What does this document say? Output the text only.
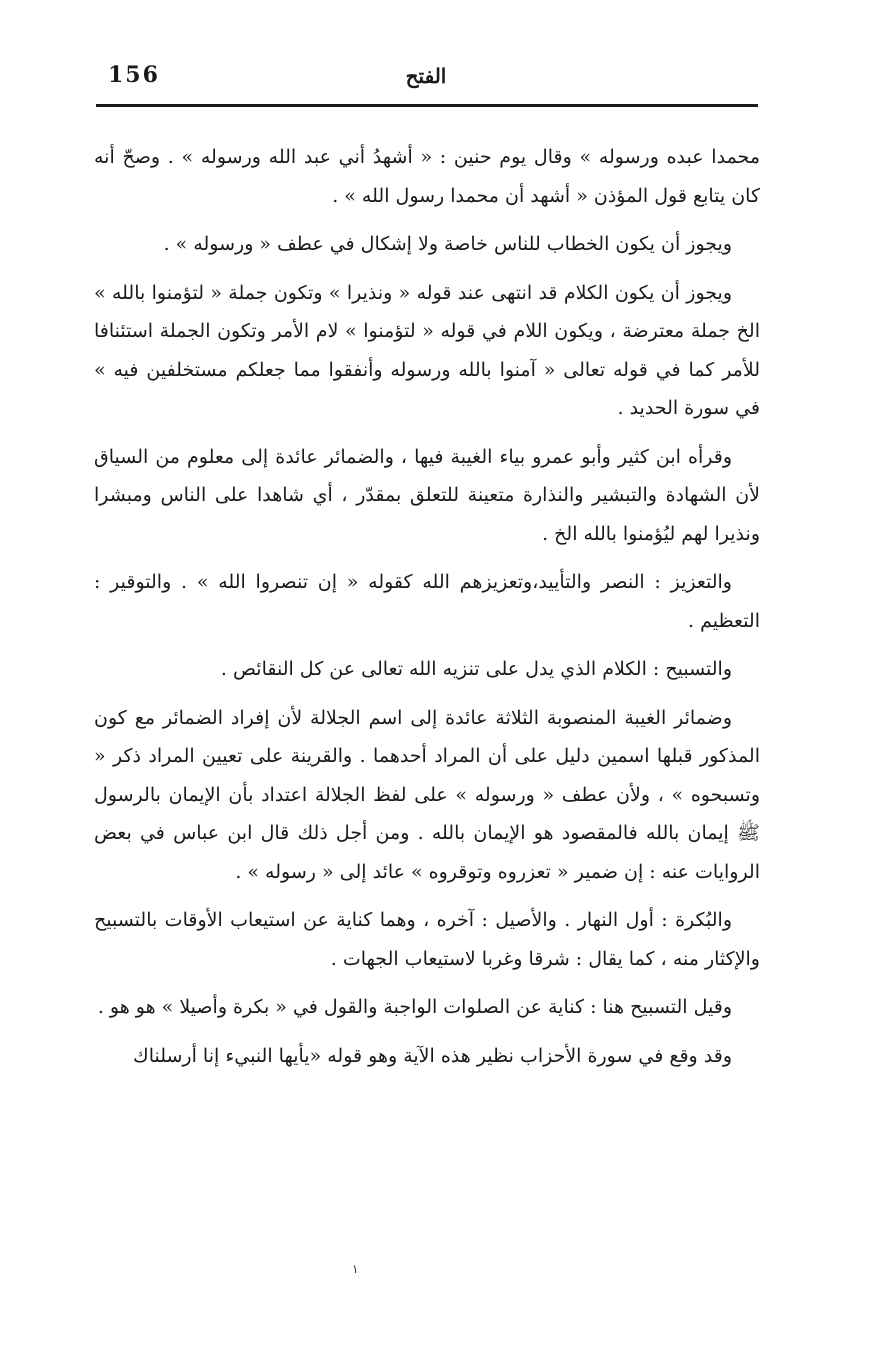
156	الفتح

محمدا عبده ورسوله » وقال يوم حنين : « أشهدُ أني عبد الله ورسوله » . وصحّ أنه كان يتابع قول المؤذن « أشهد أن محمدا رسول الله » .

ويجوز أن يكون الخطاب للناس خاصة ولا إشكال في عطف « ورسوله » .

ويجوز أن يكون الكلام قد انتهى عند قوله « ونذيرا » وتكون جملة « لتؤمنوا بالله » الخ جملة معترضة ، ويكون اللام في قوله « لتؤمنوا » لام الأمر وتكون الجملة استئنافا للأمر كما في قوله تعالى « آمنوا بالله ورسوله وأنفقوا مما جعلكم مستخلفين فيه » في سورة الحديد .

وقرأه ابن كثير وأبو عمرو بياء الغيبة فيها ، والضمائر عائدة إلى معلوم من السياق لأن الشهادة والتبشير والنذارة متعينة للتعلق بمقدّر ، أي شاهدا على الناس ومبشرا ونذيرا لهم ليُؤمنوا بالله الخ .

والتعزيز : النصر والتأييد،وتعزيزهم الله كقوله « إن تنصروا الله » . والتوقير : التعظيم .

والتسبيح : الكلام الذي يدل على تنزيه الله تعالى عن كل النقائص .

وضمائر الغيبة المنصوبة الثلاثة عائدة إلى اسم الجلالة لأن إفراد الضمائر مع كون المذكور قبلها اسمين دليل على أن المراد أحدهما . والقرينة على تعيين المراد ذكر « وتسبحوه » ، ولأن عطف « ورسوله » على لفظ الجلالة اعتداد بأن الإيمان بالرسول ﷺ إيمان بالله فالمقصود هو الإيمان بالله . ومن أجل ذلك قال ابن عباس في بعض الروايات عنه : إن ضمير « تعزروه وتوقروه » عائد إلى « رسوله » .

والبُكرة : أول النهار . والأصيل : آخره ، وهما كناية عن استيعاب الأوقات بالتسبيح والإكثار منه ، كما يقال : شرقا وغربا لاستيعاب الجهات .

وقيل التسبيح هنا : كناية عن الصلوات الواجبة والقول في « بكرة وأصيلا » هو هو .

وقد وقع في سورة الأحزاب نظير هذه الآية وهو قوله «يأيها النبيء إنا أرسلناك

١
